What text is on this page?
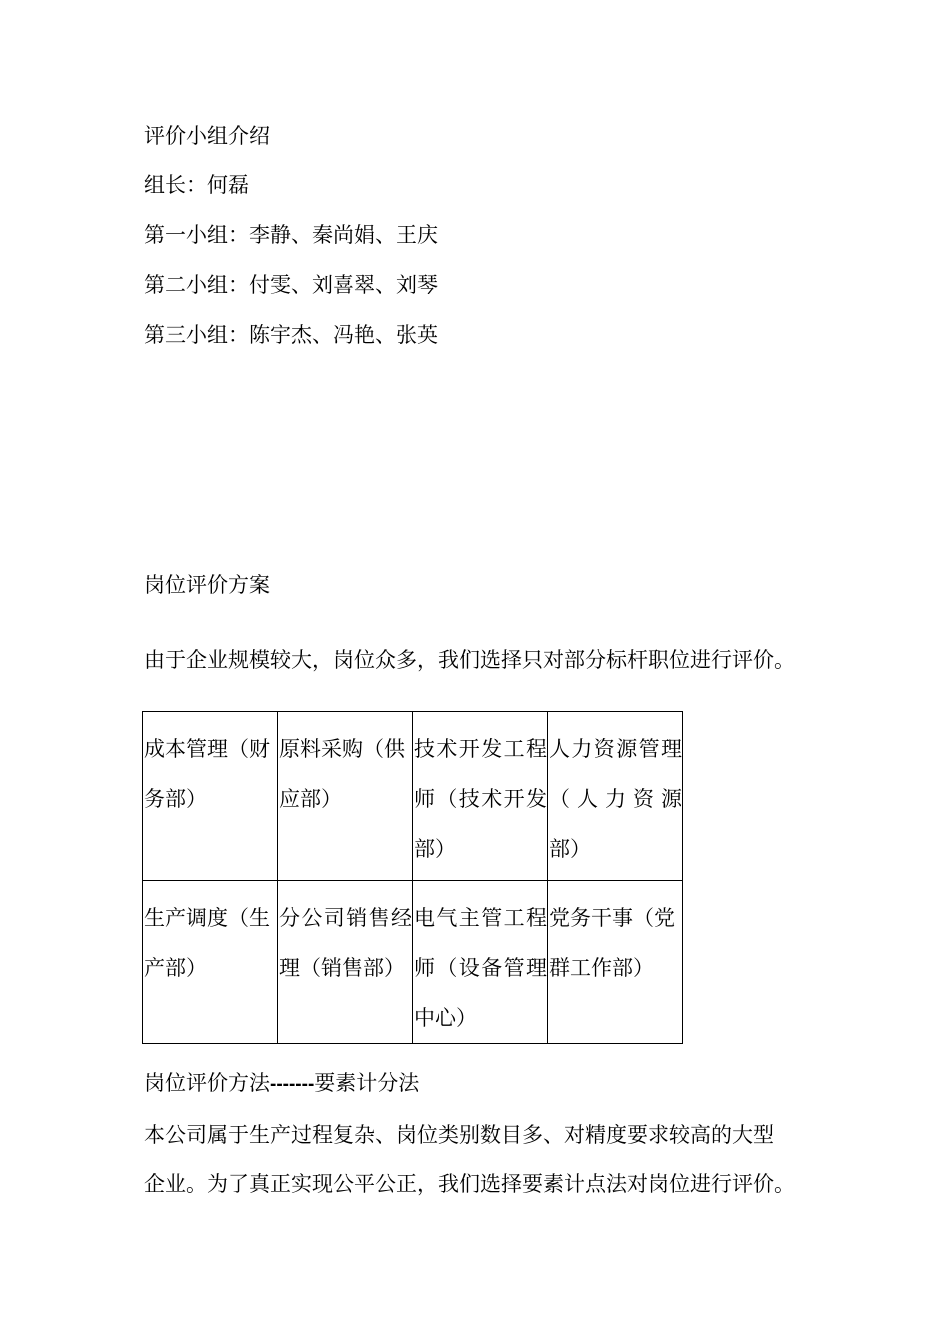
评价小组介绍

组长：何磊

第一小组：李静、秦尚娟、王庆

第二小组：付雯、刘喜翠、刘琴

第三小组：陈宇杰、冯艳、张英

岗位评价方案

由于企业规模较大，岗位众多，我们选择只对部分标杆职位进行评价。

成本管理（财务部）	原料采购（供应部）	技术开发工程师（技术开发部）	人力资源管理（人力资源部）
生产调度（生产部）	分公司销售经理（销售部）	电气主管工程师（设备管理中心）	党务干事（党群工作部）

岗位评价方法-------要素计分法

本公司属于生产过程复杂、岗位类别数目多、对精度要求较高的大型

企业。为了真正实现公平公正，我们选择要素计点法对岗位进行评价。
